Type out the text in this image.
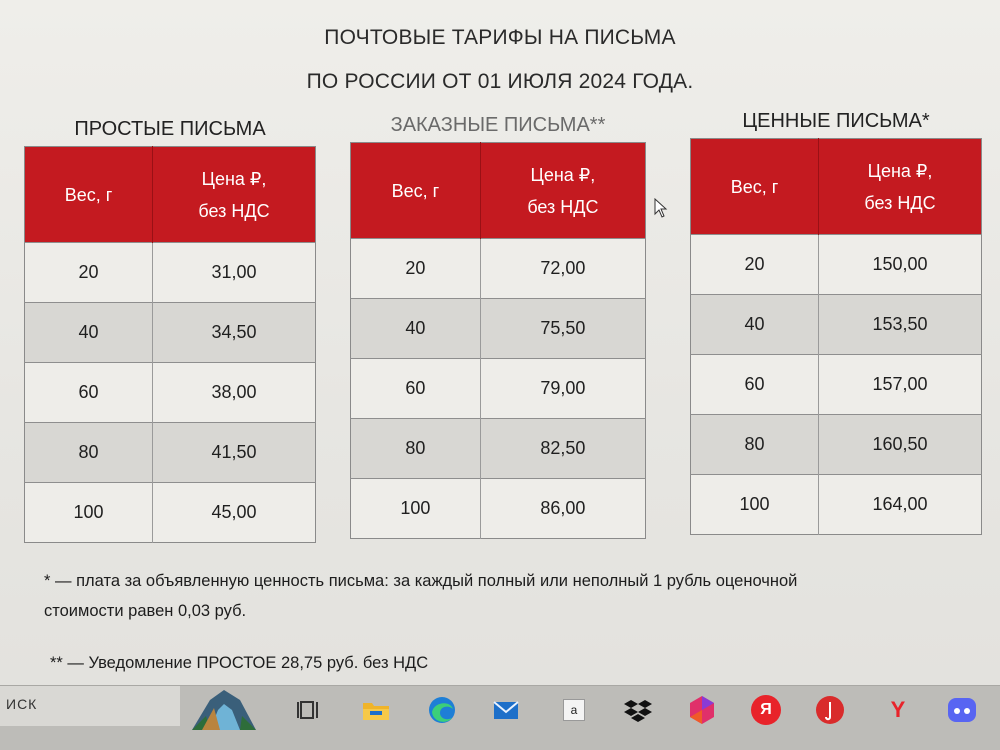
ПОЧТОВЫЕ ТАРИФЫ НА ПИСЬМА
ПО РОССИИ ОТ 01 ИЮЛЯ 2024 ГОДА.
ПРОСТЫЕ ПИСЬМА
Вес, г	Цена ₽,
без НДС
20	31,00
40	34,50
60	38,00
80	41,50
100	45,00
ЗАКАЗНЫЕ ПИСЬМА**
Вес, г	Цена ₽,
без НДС
20	72,00
40	75,50
60	79,00
80	82,50
100	86,00
ЦЕННЫЕ ПИСЬМА*
Вес, г	Цена ₽,
без НДС
20	150,00
40	153,50
60	157,00
80	160,50
100	164,00
* — плата за объявленную ценность письма: за каждый полный или неполный 1 рубль оценочной
стоимости равен 0,03 руб.
** — Уведомление ПРОСТОЕ 28,75 руб. без НДС
ИСК	a	Я	Y
